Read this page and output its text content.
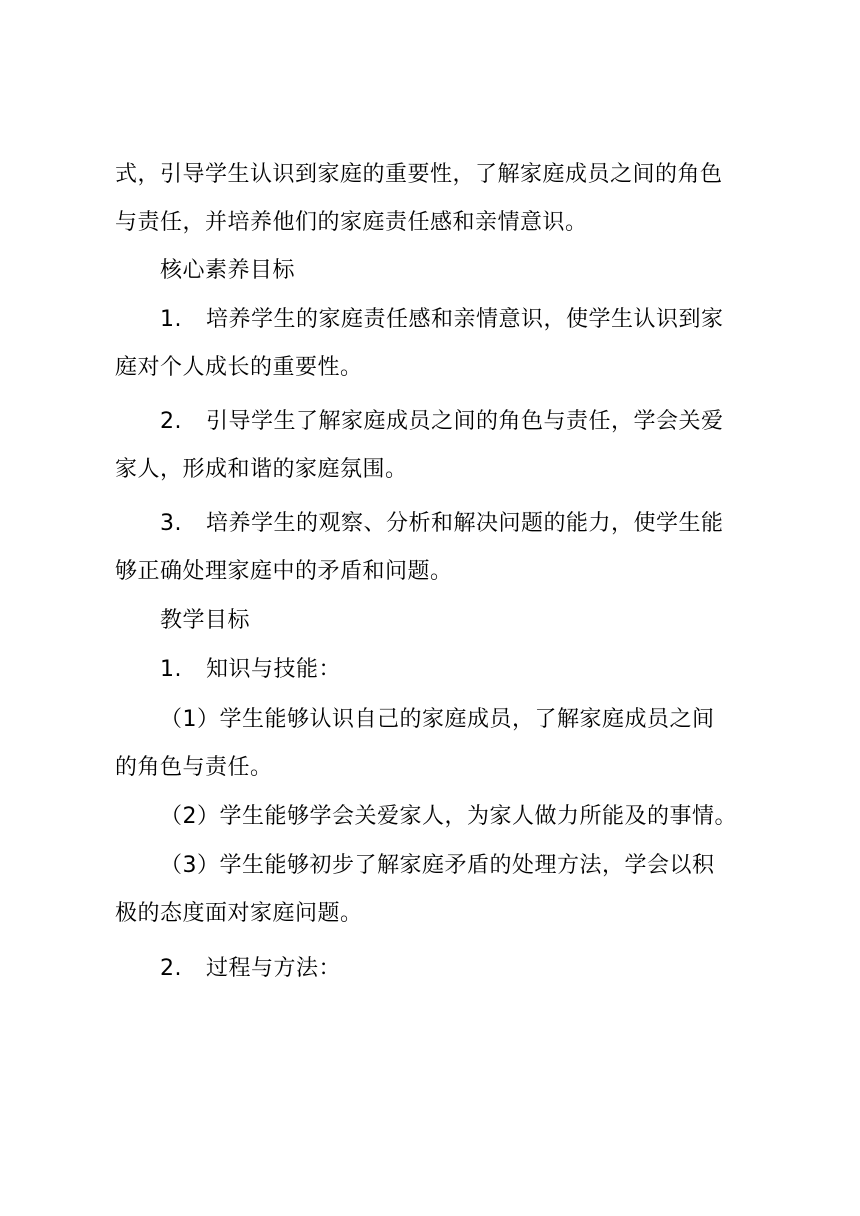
式，引导学生认识到家庭的重要性，了解家庭成员之间的角色
与责任，并培养他们的家庭责任感和亲情意识。
核心素养目标
1. 培养学生的家庭责任感和亲情意识，使学生认识到家
庭对个人成长的重要性。
2. 引导学生了解家庭成员之间的角色与责任，学会关爱
家人，形成和谐的家庭氛围。
3. 培养学生的观察、分析和解决问题的能力，使学生能
够正确处理家庭中的矛盾和问题。
教学目标
1. 知识与技能：
（1）学生能够认识自己的家庭成员，了解家庭成员之间
的角色与责任。
（2）学生能够学会关爱家人，为家人做力所能及的事情。
（3）学生能够初步了解家庭矛盾的处理方法，学会以积
极的态度面对家庭问题。
2. 过程与方法：
